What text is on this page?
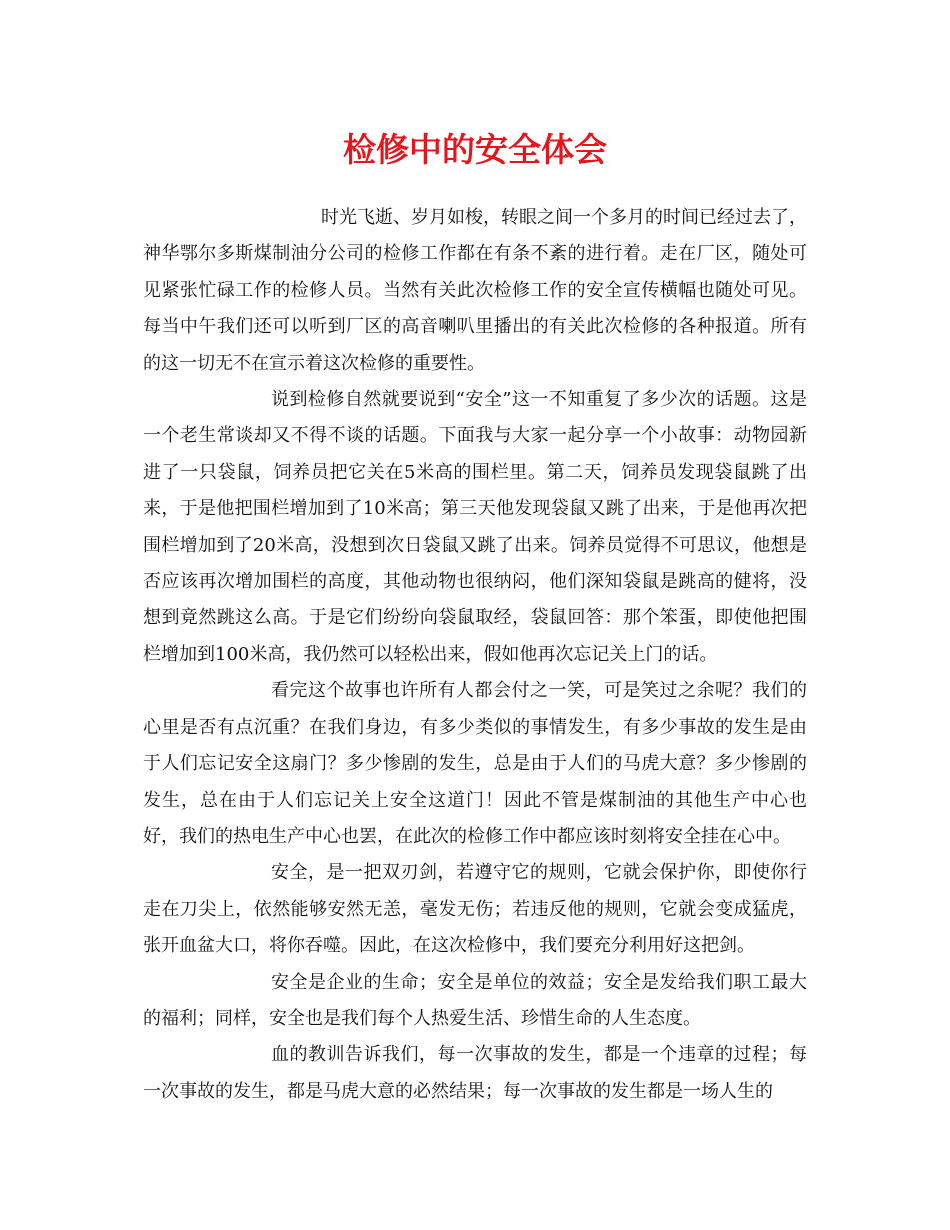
检修中的安全体会

时光飞逝、岁月如梭，转眼之间一个多月的时间已经过去了，神华鄂尔多斯煤制油分公司的检修工作都在有条不紊的进行着。走在厂区，随处可见紧张忙碌工作的检修人员。当然有关此次检修工作的安全宣传横幅也随处可见。每当中午我们还可以听到厂区的高音喇叭里播出的有关此次检修的各种报道。所有的这一切无不在宣示着这次检修的重要性。

说到检修自然就要说到“安全”这一不知重复了多少次的话题。这是一个老生常谈却又不得不谈的话题。下面我与大家一起分享一个小故事：动物园新进了一只袋鼠，饲养员把它关在5米高的围栏里。第二天，饲养员发现袋鼠跳了出来，于是他把围栏增加到了10米高；第三天他发现袋鼠又跳了出来，于是他再次把围栏增加到了20米高，没想到次日袋鼠又跳了出来。饲养员觉得不可思议，他想是否应该再次增加围栏的高度，其他动物也很纳闷，他们深知袋鼠是跳高的健将，没想到竟然跳这么高。于是它们纷纷向袋鼠取经，袋鼠回答：那个笨蛋，即使他把围栏增加到100米高，我仍然可以轻松出来，假如他再次忘记关上门的话。

看完这个故事也许所有人都会付之一笑，可是笑过之余呢？我们的心里是否有点沉重？在我们身边，有多少类似的事情发生，有多少事故的发生是由于人们忘记安全这扇门？多少惨剧的发生，总是由于人们的马虎大意？多少惨剧的发生，总在由于人们忘记关上安全这道门！因此不管是煤制油的其他生产中心也好，我们的热电生产中心也罢，在此次的检修工作中都应该时刻将安全挂在心中。

安全，是一把双刃剑，若遵守它的规则，它就会保护你，即使你行走在刀尖上，依然能够安然无恙，毫发无伤；若违反他的规则，它就会变成猛虎，张开血盆大口，将你吞噬。因此，在这次检修中，我们要充分利用好这把剑。

安全是企业的生命；安全是单位的效益；安全是发给我们职工最大的福利；同样，安全也是我们每个人热爱生活、珍惜生命的人生态度。

血的教训告诉我们，每一次事故的发生，都是一个违章的过程；每一次事故的发生，都是马虎大意的必然结果；每一次事故的发生都是一场人生的
